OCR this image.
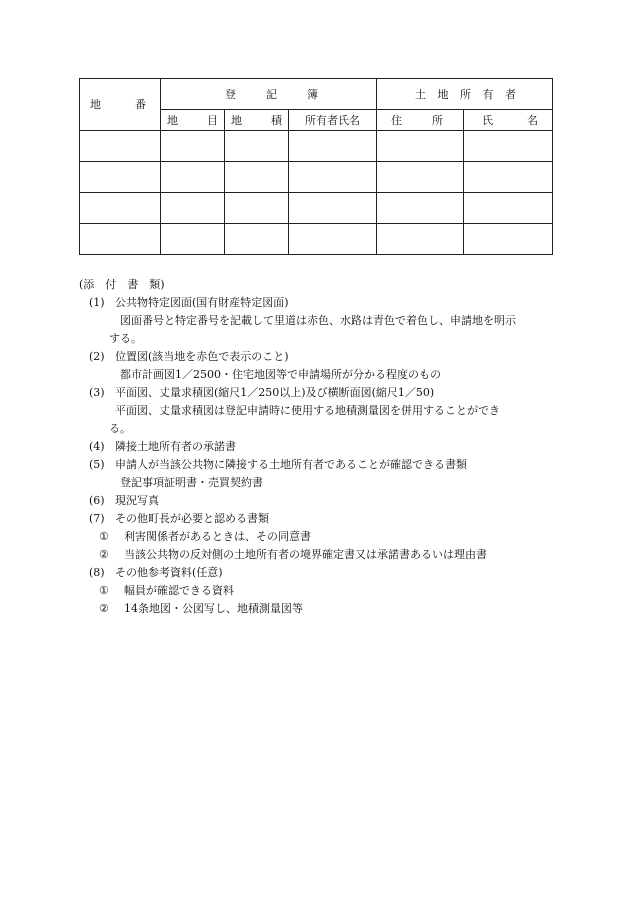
地 番	登 記 簿			土 地 所 有 者	

	地 目	地 積	所有者氏名	住 所	氏 名

(添　付　書　類)
(1) 公共物特定図面(国有財産特定図面)
図面番号と特定番号を記載して里道は赤色、水路は青色で着色し、申請地を明示
する。
(2) 位置図(該当地を赤色で表示のこと)
都市計画図1／2500・住宅地図等で申請場所が分かる程度のもの
(3) 平面図、丈量求積図(縮尺1／250以上)及び横断面図(縮尺1／50)
平面図、丈量求積図は登記申請時に使用する地積測量図を併用することができ
る。
(4) 隣接土地所有者の承諾書
(5) 申請人が当該公共物に隣接する土地所有者であることが確認できる書類
登記事項証明書・売買契約書
(6) 現況写真
(7) その他町長が必要と認める書類
① 利害関係者があるときは、その同意書
② 当該公共物の反対側の土地所有者の境界確定書又は承諾書あるいは理由書
(8) その他参考資料(任意)
① 幅員が確認できる資料
② 14条地図・公図写し、地積測量図等
